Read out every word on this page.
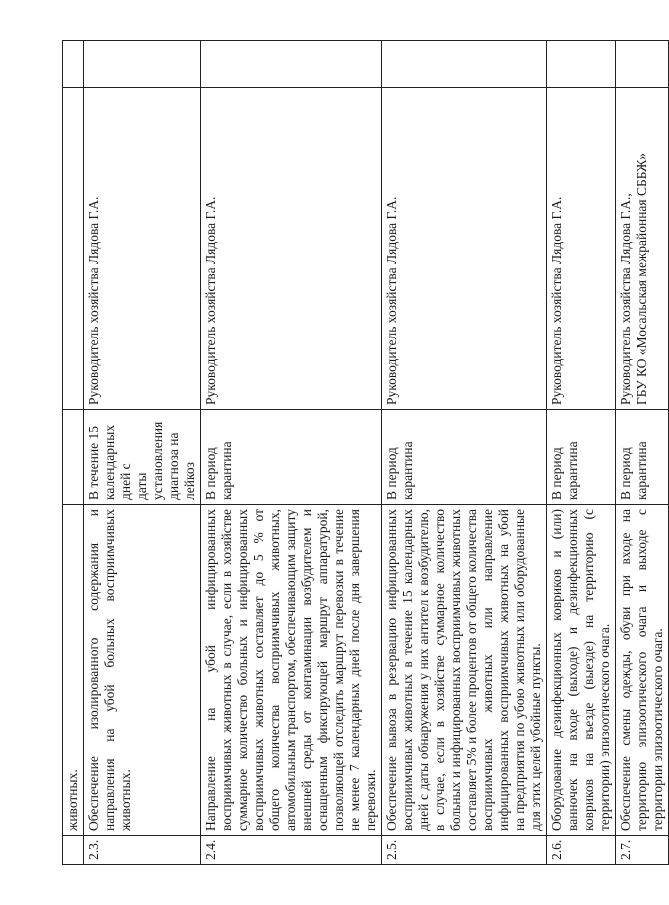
	животных.			
2.3.	Обеспечение изолированного содержания и направления на убой больных восприимчивых животных.	В течение 15 календарных дней с даты установления диагноза на лейкоз	Руководитель хозяйства Лядова Г.А.	
2.4.	Направление на убой инфицированных восприимчивых животных в случае, если в хозяйстве суммарное количество больных и инфицированных восприимчивых животных составляет до 5 % от общего количества восприимчивых животных, автомобильным транспортом, обеспечивающим защиту внешней среды от контаминации возбудителем и оснащенным фиксирующей маршрут аппаратурой, позволяющей отследить маршрут перевозки в течение не менее 7 календарных дней после дня завершения перевозки.	В период карантина	Руководитель хозяйства Лядова Г.А.	
2.5.	Обеспечение вывоза в резервацию инфицированных восприимчивых животных в течение 15 календарных дней с даты обнаружения у них антител к возбудителю, в случае, если в хозяйстве суммарное количество больных и инфицированных восприимчивых животных составляет 5% и более процентов от общего количества восприимчивых животных или направление инфицированных восприимчивых животных на убой на предприятия по убою животных или оборудованные для этих целей убойные пункты.	В период карантина	Руководитель хозяйства Лядова Г.А.	
2.6.	Оборудование дезинфекционных ковриков и (или) ванночек на входе (выходе) и дезинфекционных ковриков на въезде (выезде) на территорию (с территории) эпизоотического очага.	В период карантина	Руководитель хозяйства Лядова Г.А.	
2.7.	Обеспечение смены одежды, обуви при входе на территорию эпизоотического очага и выходе с территории эпизоотического очага.	В период карантина	Руководитель хозяйства Лядова Г.А., ГБУ КО «Мосальская межрайонная СББЖ»	
